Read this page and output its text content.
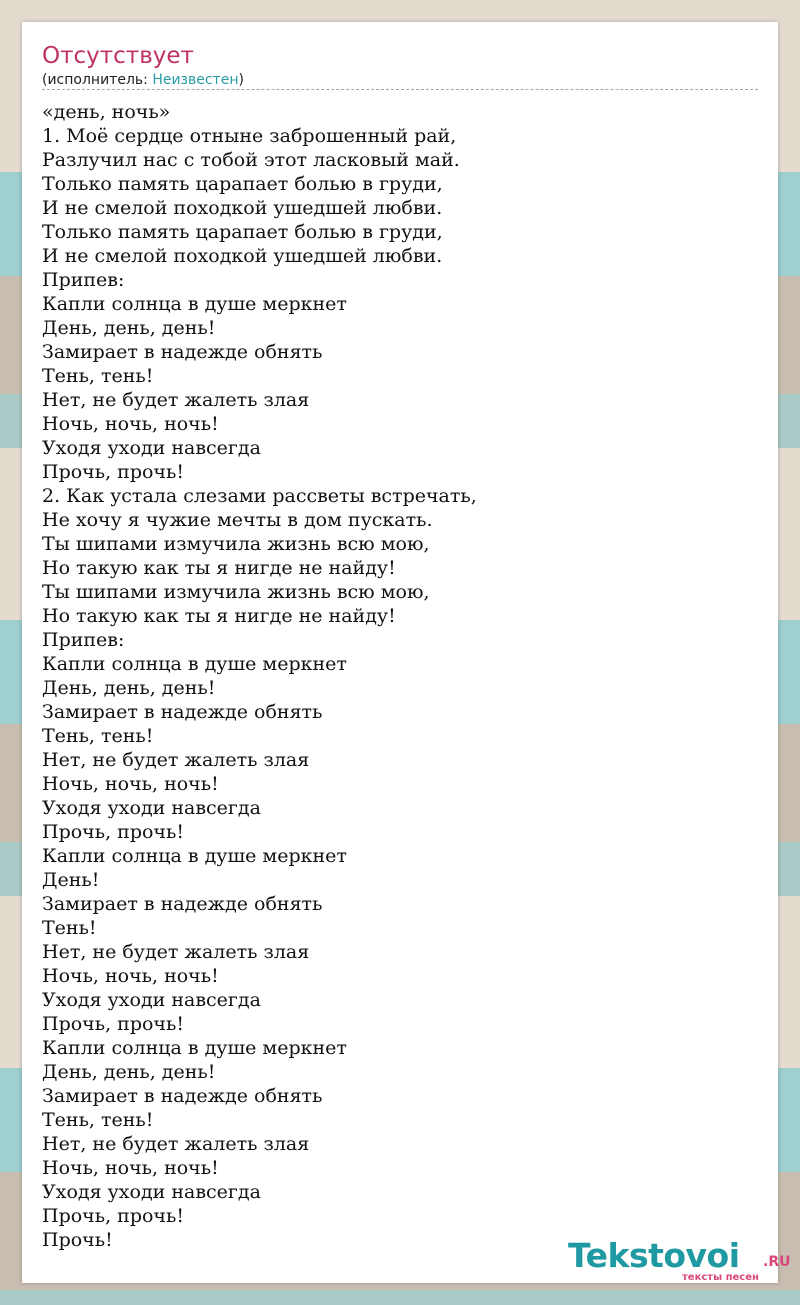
Отсутствует
(исполнитель: Неизвестен)
«день, ночь»
1. Моё сердце отныне заброшенный рай,
Разлучил нас с тобой этот ласковый май.
Только память царапает болью в груди,
И не смелой походкой ушедшей любви.
Только память царапает болью в груди,
И не смелой походкой ушедшей любви.
Припев:
Капли солнца в душе меркнет
День, день, день!
Замирает в надежде обнять
Тень, тень!
Нет, не будет жалеть злая
Ночь, ночь, ночь!
Уходя уходи навсегда
Прочь, прочь!
2. Как устала слезами рассветы встречать,
Не хочу я чужие мечты в дом пускать.
Ты шипами измучила жизнь всю мою,
Но такую как ты я нигде не найду!
Ты шипами измучила жизнь всю мою,
Но такую как ты я нигде не найду!
Припев:
Капли солнца в душе меркнет
День, день, день!
Замирает в надежде обнять
Тень, тень!
Нет, не будет жалеть злая
Ночь, ночь, ночь!
Уходя уходи навсегда
Прочь, прочь!
Капли солнца в душе меркнет
День!
Замирает в надежде обнять
Тень!
Нет, не будет жалеть злая
Ночь, ночь, ночь!
Уходя уходи навсегда
Прочь, прочь!
Капли солнца в душе меркнет
День, день, день!
Замирает в надежде обнять
Тень, тень!
Нет, не будет жалеть злая
Ночь, ночь, ночь!
Уходя уходи навсегда
Прочь, прочь!
Прочь!	Tekstovoi .RU
тексты песен
